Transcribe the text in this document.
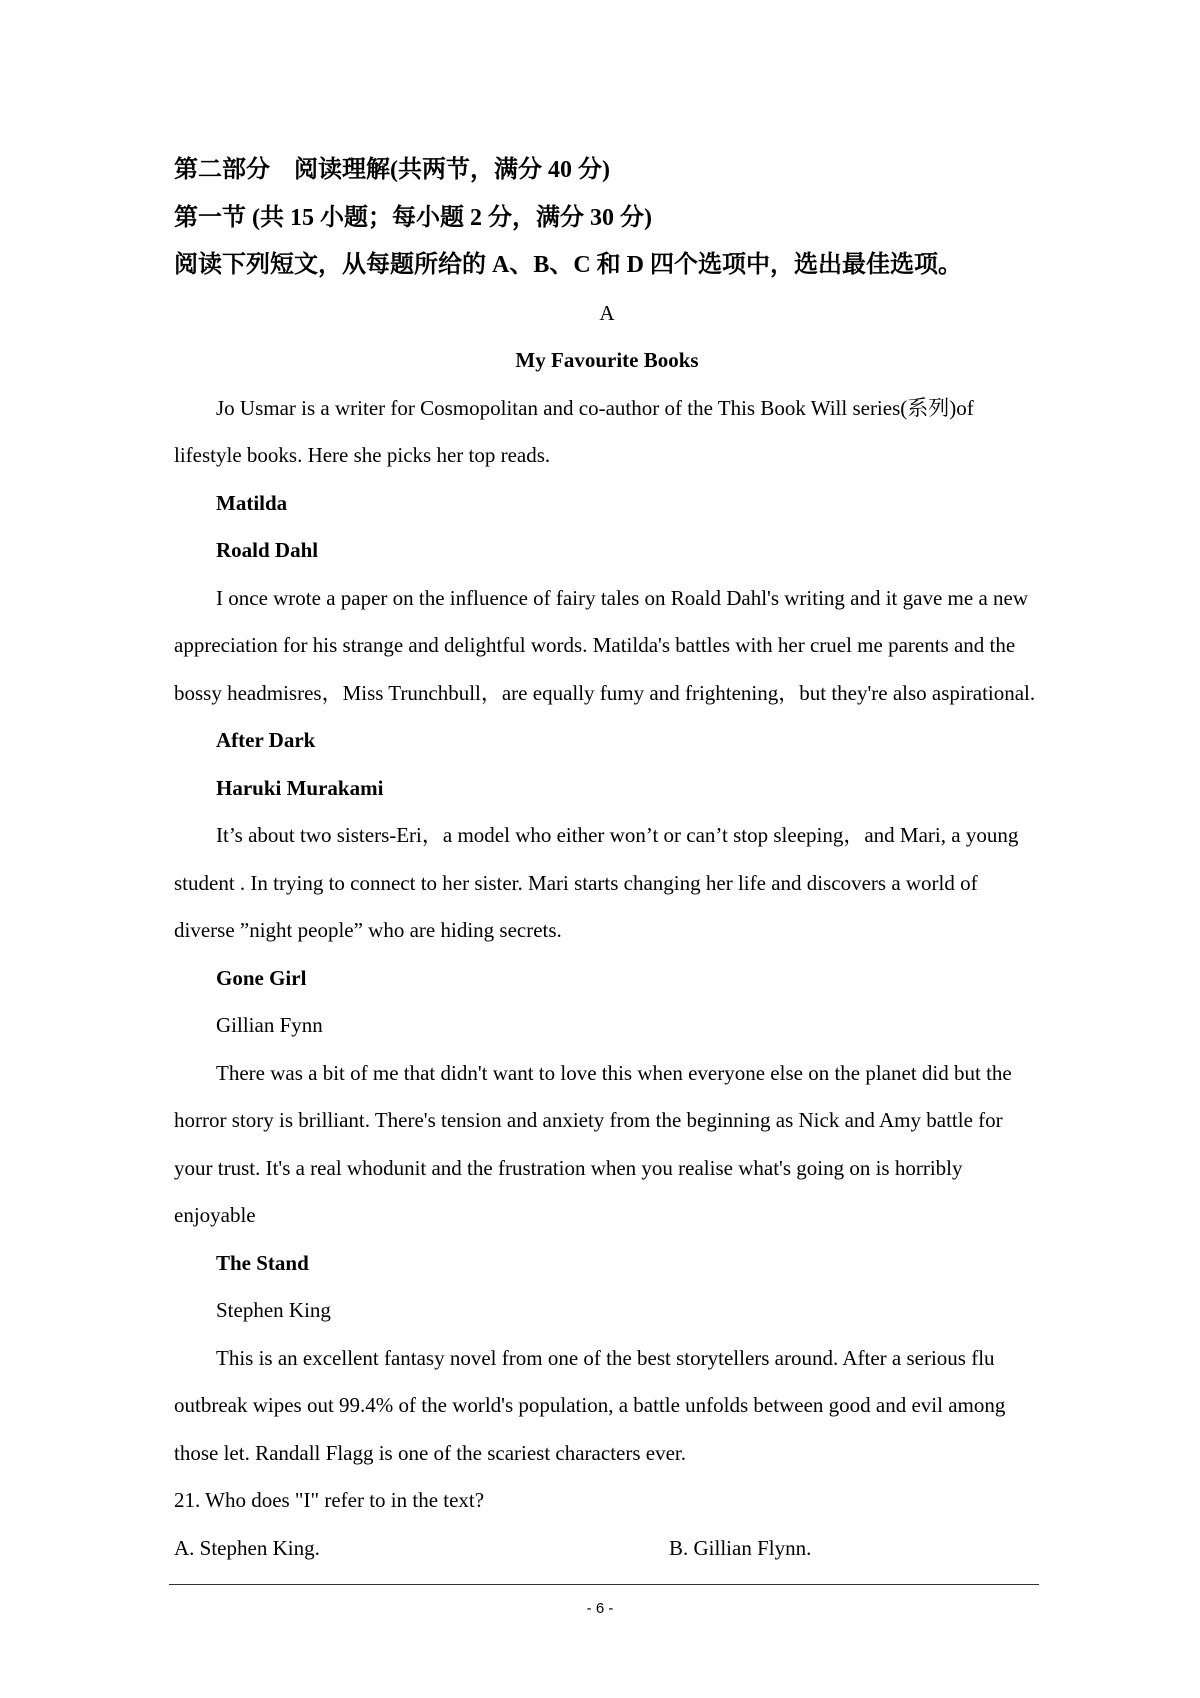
第二部分　阅读理解(共两节，满分 40 分)
第一节 (共 15 小题；每小题 2 分，满分 30 分)
阅读下列短文，从每题所给的 A、B、C 和 D 四个选项中，选出最佳选项。
A
My Favourite Books
Jo Usmar is a writer for Cosmopolitan and co-author of the This Book Will series(系列)of
lifestyle books. Here she picks her top reads.
Matilda
Roald Dahl
I once wrote a paper on the influence of fairy tales on Roald Dahl's writing and it gave me a new
appreciation for his strange and delightful words. Matilda's battles with her cruel me parents and the
bossy headmisres，Miss Trunchbull，are equally fumy and frightening，but they're also aspirational.
After Dark
Haruki Murakami
It’s about two sisters-Eri，a model who either won’t or can’t stop sleeping，and Mari, a young
student . In trying to connect to her sister. Mari starts changing her life and discovers a world of
diverse ”night people” who are hiding secrets.
Gone Girl
Gillian Fynn
There was a bit of me that didn't want to love this when everyone else on the planet did but the
horror story is brilliant. There's tension and anxiety from the beginning as Nick and Amy battle for
your trust. It's a real whodunit and the frustration when you realise what's going on is horribly
enjoyable
The Stand
Stephen King
This is an excellent fantasy novel from one of the best storytellers around. After a serious flu
outbreak wipes out 99.4% of the world's population, a battle unfolds between good and evil among
those let. Randall Flagg is one of the scariest characters ever.
21. Who does "I" refer to in the text?
A. Stephen King.	B. Gillian Flynn.
- 6 -
